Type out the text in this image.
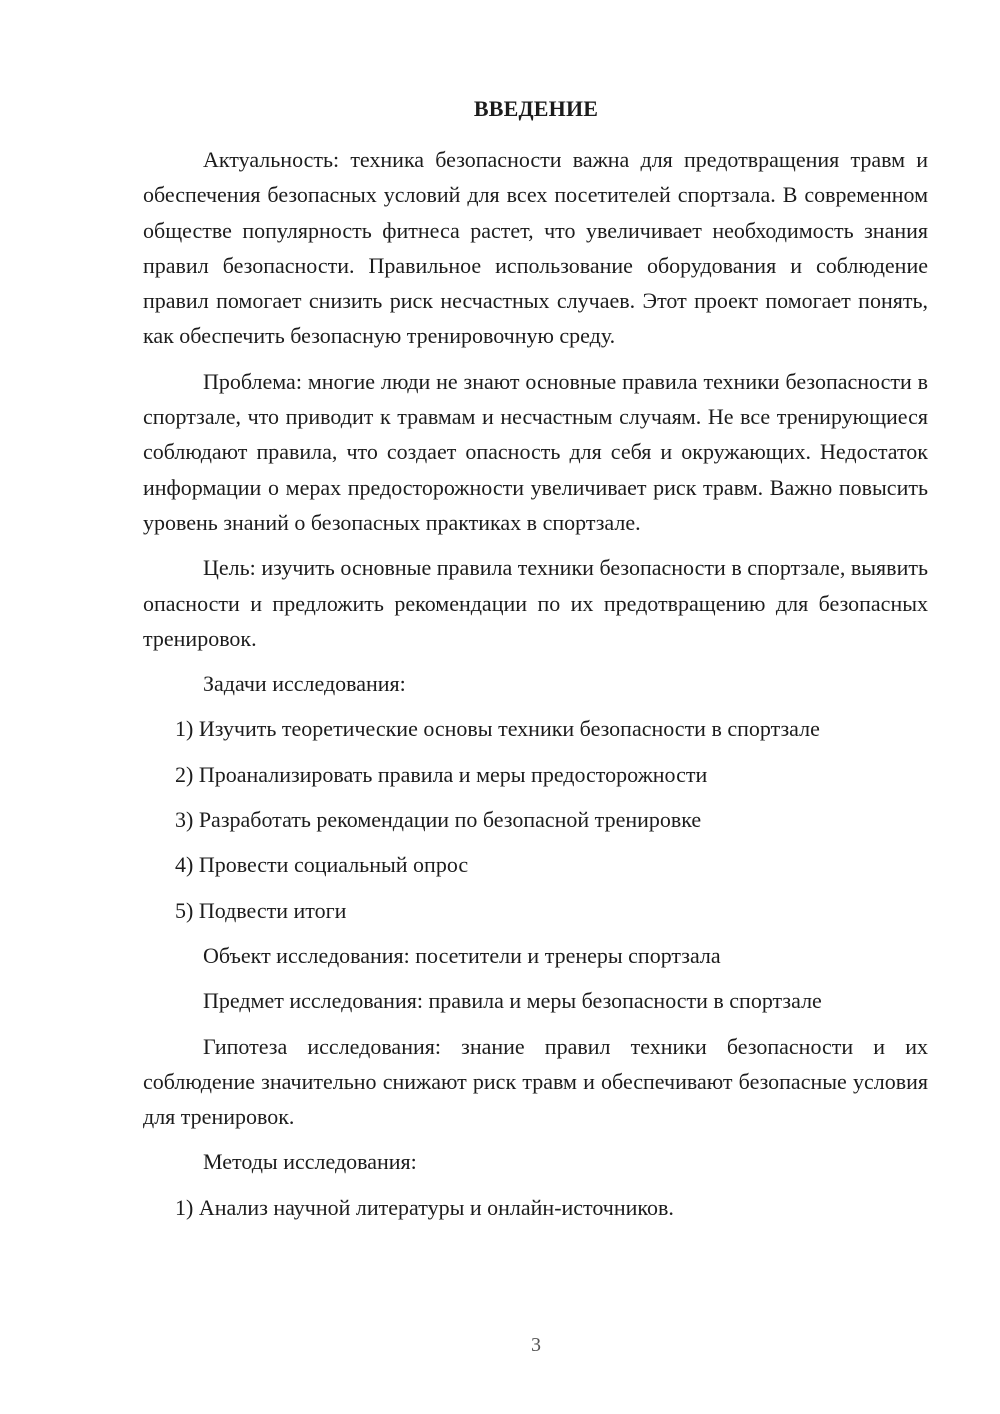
ВВЕДЕНИЕ

Актуальность: техника безопасности важна для предотвращения травм и обеспечения безопасных условий для всех посетителей спортзала. В современном обществе популярность фитнеса растет, что увеличивает необходимость знания правил безопасности. Правильное использование оборудования и соблюдение правил помогает снизить риск несчастных случаев. Этот проект помогает понять, как обеспечить безопасную тренировочную среду.

Проблема: многие люди не знают основные правила техники безопасности в спортзале, что приводит к травмам и несчастным случаям. Не все тренирующиеся соблюдают правила, что создает опасность для себя и окружающих. Недостаток информации о мерах предосторожности увеличивает риск травм. Важно повысить уровень знаний о безопасных практиках в спортзале.

Цель: изучить основные правила техники безопасности в спортзале, выявить опасности и предложить рекомендации по их предотвращению для безопасных тренировок.

Задачи исследования:

1) Изучить теоретические основы техники безопасности в спортзале

2) Проанализировать правила и меры предосторожности

3) Разработать рекомендации по безопасной тренировке

4) Провести социальный опрос

5) Подвести итоги

Объект исследования: посетители и тренеры спортзала

Предмет исследования: правила и меры безопасности в спортзале

Гипотеза исследования: знание правил техники безопасности и их соблюдение значительно снижают риск травм и обеспечивают безопасные условия для тренировок.

Методы исследования:

1) Анализ научной литературы и онлайн-источников.

3
